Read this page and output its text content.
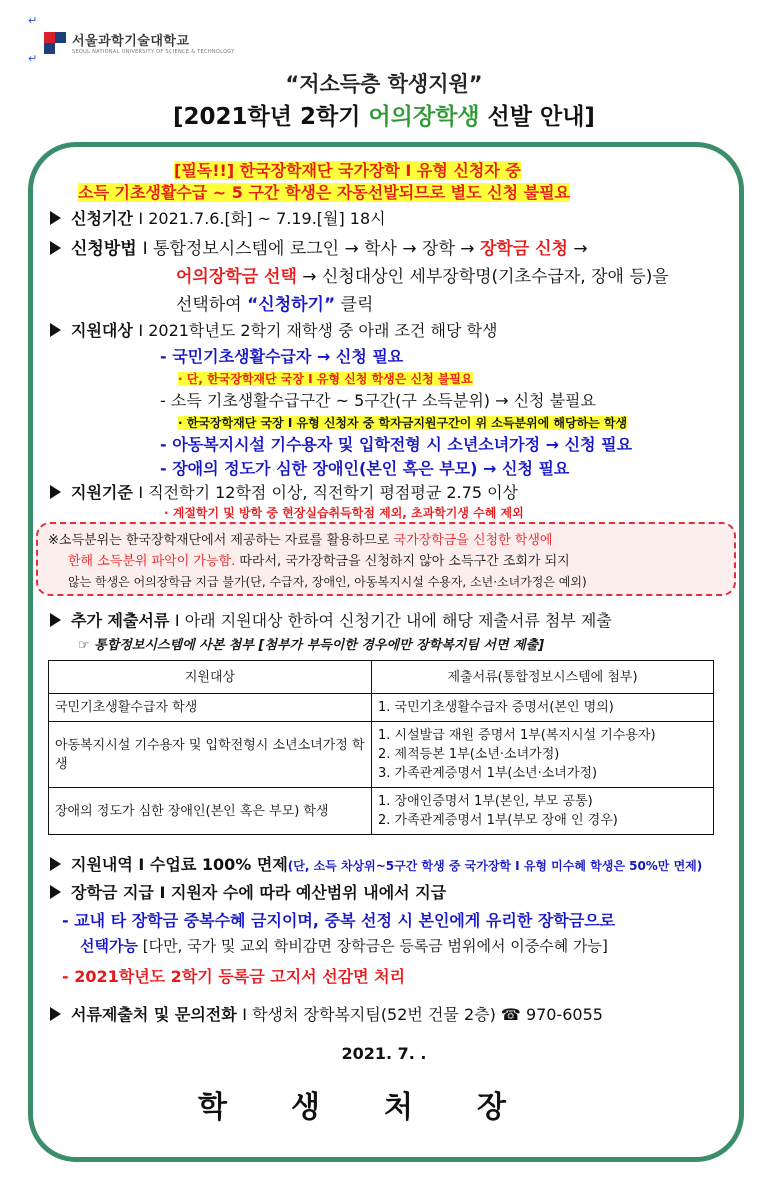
↵
↵
서울과학기술대학교
SEOUL NATIONAL UNIVERSITY OF SCIENCE & TECHNOLOGY
“저소득층 학생지원”
[2021학년 2학기 어의장학생 선발 안내]
[필독!!] 한국장학재단 국가장학 I 유형 신청자 중
소득 기초생활수급 ~ 5 구간 학생은 자동선발되므로 별도 신청 불필요
신청기간 I 2021.7.6.[화] ~ 7.19.[월] 18시
신청방법 I 통합정보시스템에 로그인 → 학사 → 장학 → 장학금 신청 →
어의장학금 선택 → 신청대상인 세부장학명(기초수급자, 장애 등)을
선택하여 “신청하기” 클릭
지원대상 I 2021학년도 2학기 재학생 중 아래 조건 해당 학생
- 국민기초생활수급자 → 신청 필요
· 단, 한국장학재단 국장 I 유형 신청 학생은 신청 불필요
- 소득 기초생활수급구간 ~ 5구간(구 소득분위) → 신청 불필요
· 한국장학재단 국장 I 유형 신청자 중 학자금지원구간이 위 소득분위에 해당하는 학생
- 아동복지시설 기수용자 및 입학전형 시 소년소녀가정 → 신청 필요
- 장애의 정도가 심한 장애인(본인 혹은 부모) → 신청 필요
지원기준 I 직전학기 12학점 이상, 직전학기 평점평균 2.75 이상
· 계절학기 및 방학 중 현장실습취득학점 제외, 초과학기생 수혜 제외
※소득분위는 한국장학재단에서 제공하는 자료를 활용하므로 국가장학금을 신청한 학생에
한해 소득분위 파악이 가능함. 따라서, 국가장학금을 신청하지 않아 소득구간 조회가 되지
않는 학생은 어의장학금 지급 불가(단, 수급자, 장애인, 아동복지시설 수용자, 소년·소녀가정은 예외)
추가 제출서류 I 아래 지원대상 한하여 신청기간 내에 해당 제출서류 첨부 제출
☞ 통합정보시스템에 사본 첨부 [첨부가 부득이한 경우에만 장학복지팀 서면 제출]
지원대상	제출서류(통합정보시스템에 첨부)
국민기초생활수급자 학생	1. 국민기초생활수급자 증명서(본인 명의)

아동복지시설 기수용자 및 입학전형시 소년소녀가정 학생	1. 시설발급 재원 증명서 1부(복지시설 기수용자)
2. 제적등본 1부(소년·소녀가정)
3. 가족관계증명서 1부(소년·소녀가정)

장애의 정도가 심한 장애인(본인 혹은 부모) 학생	1. 장애인증명서 1부(본인, 부모 공통)
2. 가족관계증명서 1부(부모 장애 인 경우)
지원내역 I 수업료 100% 면제(단, 소득 차상위~5구간 학생 중 국가장학 I 유형 미수혜 학생은 50%만 면제)
장학금 지급 I 지원자 수에 따라 예산범위 내에서 지급
- 교내 타 장학금 중복수혜 금지이며, 중복 선정 시 본인에게 유리한 장학금으로
선택가능 [다만, 국가 및 교외 학비감면 장학금은 등록금 범위에서 이중수혜 가능]
- 2021학년도 2학기 등록금 고지서 선감면 처리
서류제출처 및 문의전화 I 학생처 장학복지팀(52번 건물 2층) ☎ 970-6055
2021. 7. .
학생처장
